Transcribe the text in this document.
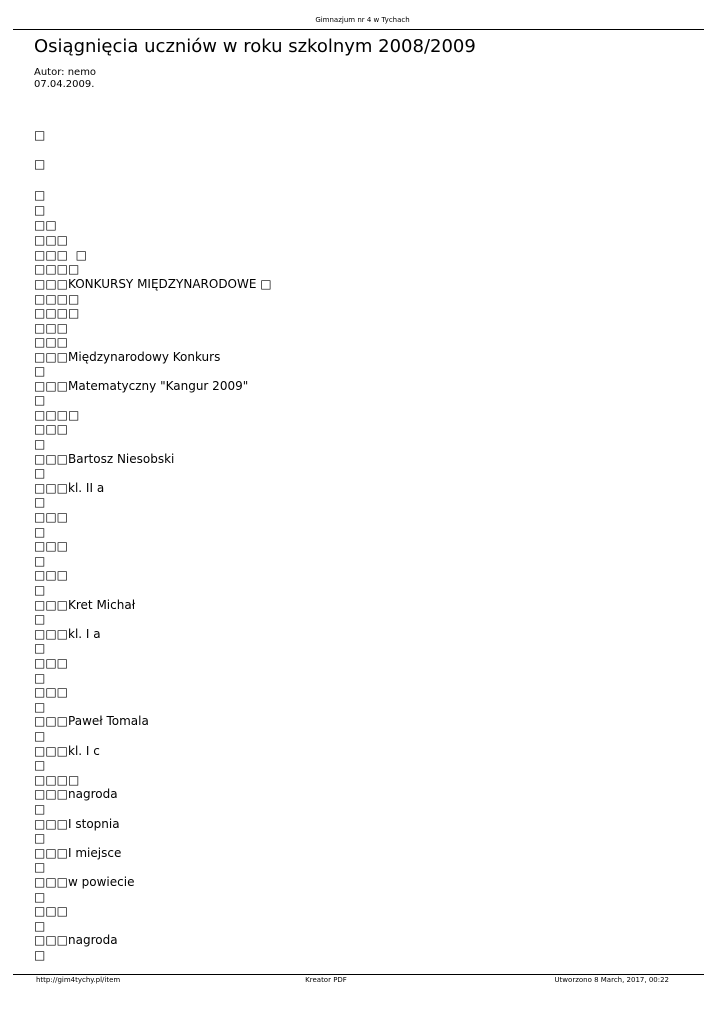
Gimnazjum nr 4 w Tychach
Osiągnięcia uczniów w roku szkolnym 2008/2009
Autor: nemo
07.04.2009.
□
□
□
□
□□
□□□
□□□  □
□□□□
□□□KONKURSY MIĘDZYNARODOWE □
□□□□
□□□□
□□□
□□□
□□□Międzynarodowy Konkurs
□
□□□Matematyczny "Kangur 2009"
□
□□□□
□□□
□
□□□Bartosz Niesobski
□
□□□kl. II a
□
□□□
□
□□□
□
□□□
□
□□□Kret Michał
□
□□□kl. I a
□
□□□
□
□□□
□
□□□Paweł Tomala
□
□□□kl. I c
□
□□□□
□□□nagroda
□
□□□I stopnia
□
□□□I miejsce
□
□□□w powiecie
□
□□□
□
□□□nagroda
□
http://gim4tychy.pl/item	Kreator PDF	Utworzono 8 March, 2017, 00:22
